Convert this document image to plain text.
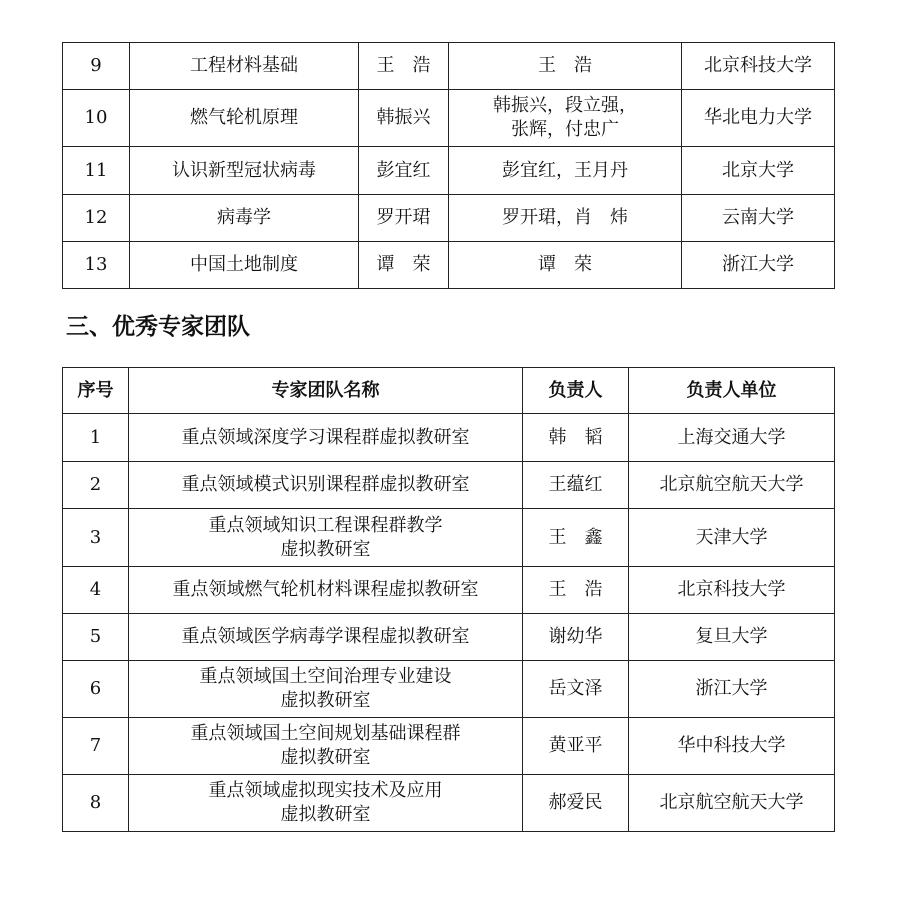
9	工程材料基础	王　浩	王　浩	北京科技大学
10	燃气轮机原理	韩振兴	韩振兴，段立强，
张辉，付忠广	华北电力大学
11	认识新型冠状病毒	彭宜红	彭宜红，王月丹	北京大学
12	病毒学	罗开珺	罗开珺，肖　炜	云南大学
13	中国土地制度	谭　荣	谭　荣	浙江大学
三、优秀专家团队
序号	专家团队名称	负责人	负责人单位
1	重点领域深度学习课程群虚拟教研室	韩　韬	上海交通大学
2	重点领域模式识别课程群虚拟教研室	王蕴红	北京航空航天大学
3	重点领域知识工程课程群教学
虚拟教研室	王　鑫	天津大学
4	重点领域燃气轮机材料课程虚拟教研室	王　浩	北京科技大学
5	重点领域医学病毒学课程虚拟教研室	谢幼华	复旦大学
6	重点领域国土空间治理专业建设
虚拟教研室	岳文泽	浙江大学
7	重点领域国土空间规划基础课程群
虚拟教研室	黄亚平	华中科技大学
8	重点领域虚拟现实技术及应用
虚拟教研室	郝爱民	北京航空航天大学
